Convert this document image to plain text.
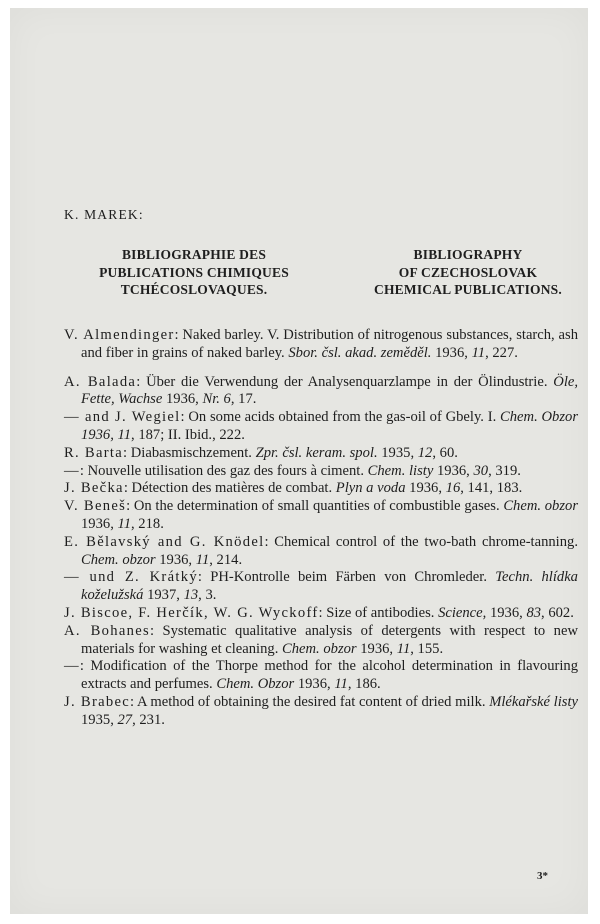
K. MAREK:
BIBLIOGRAPHIE DES
PUBLICATIONS CHIMIQUES
TCHÉCOSLOVAQUES.
BIBLIOGRAPHY
OF CZECHOSLOVAK
CHEMICAL PUBLICATIONS.

V. Almendinger: Naked barley. V. Distribution of nitrogenous substances, starch, ash and fiber in grains of naked barley. Sbor. čsl. akad. zeměděl. 1936, 11, 227.

A. Balada: Über die Verwendung der Analysenquarzlampe in der Ölindustrie. Öle, Fette, Wachse 1936, Nr. 6, 17.

— and J. Wegiel: On some acids obtained from the gas-oil of Gbely. I. Chem. Obzor 1936, 11, 187; II. Ibid., 222.

R. Barta: Diabasmischzement. Zpr. čsl. keram. spol. 1935, 12, 60.

—: Nouvelle utilisation des gaz des fours à ciment. Chem. listy 1936, 30, 319.

J. Bečka: Détection des matières de combat. Plyn a voda 1936, 16, 141, 183.

V. Beneš: On the determination of small quantities of combustible gases. Chem. obzor 1936, 11, 218.

E. Bělavský and G. Knödel: Chemical control of the two-bath chrome-tanning. Chem. obzor 1936, 11, 214.

— und Z. Krátký: PH-Kontrolle beim Färben von Chromleder. Techn. hlídka koželužská 1937, 13, 3.

J. Biscoe, F. Herčík, W. G. Wyckoff: Size of antibodies. Science, 1936, 83, 602.

A. Bohanes: Systematic qualitative analysis of detergents with respect to new materials for washing et cleaning. Chem. obzor 1936, 11, 155.

—: Modification of the Thorpe method for the alcohol determination in flavouring extracts and perfumes. Chem. Obzor 1936, 11, 186.

J. Brabec: A method of obtaining the desired fat content of dried milk. Mlékařské listy 1935, 27, 231.

3*
